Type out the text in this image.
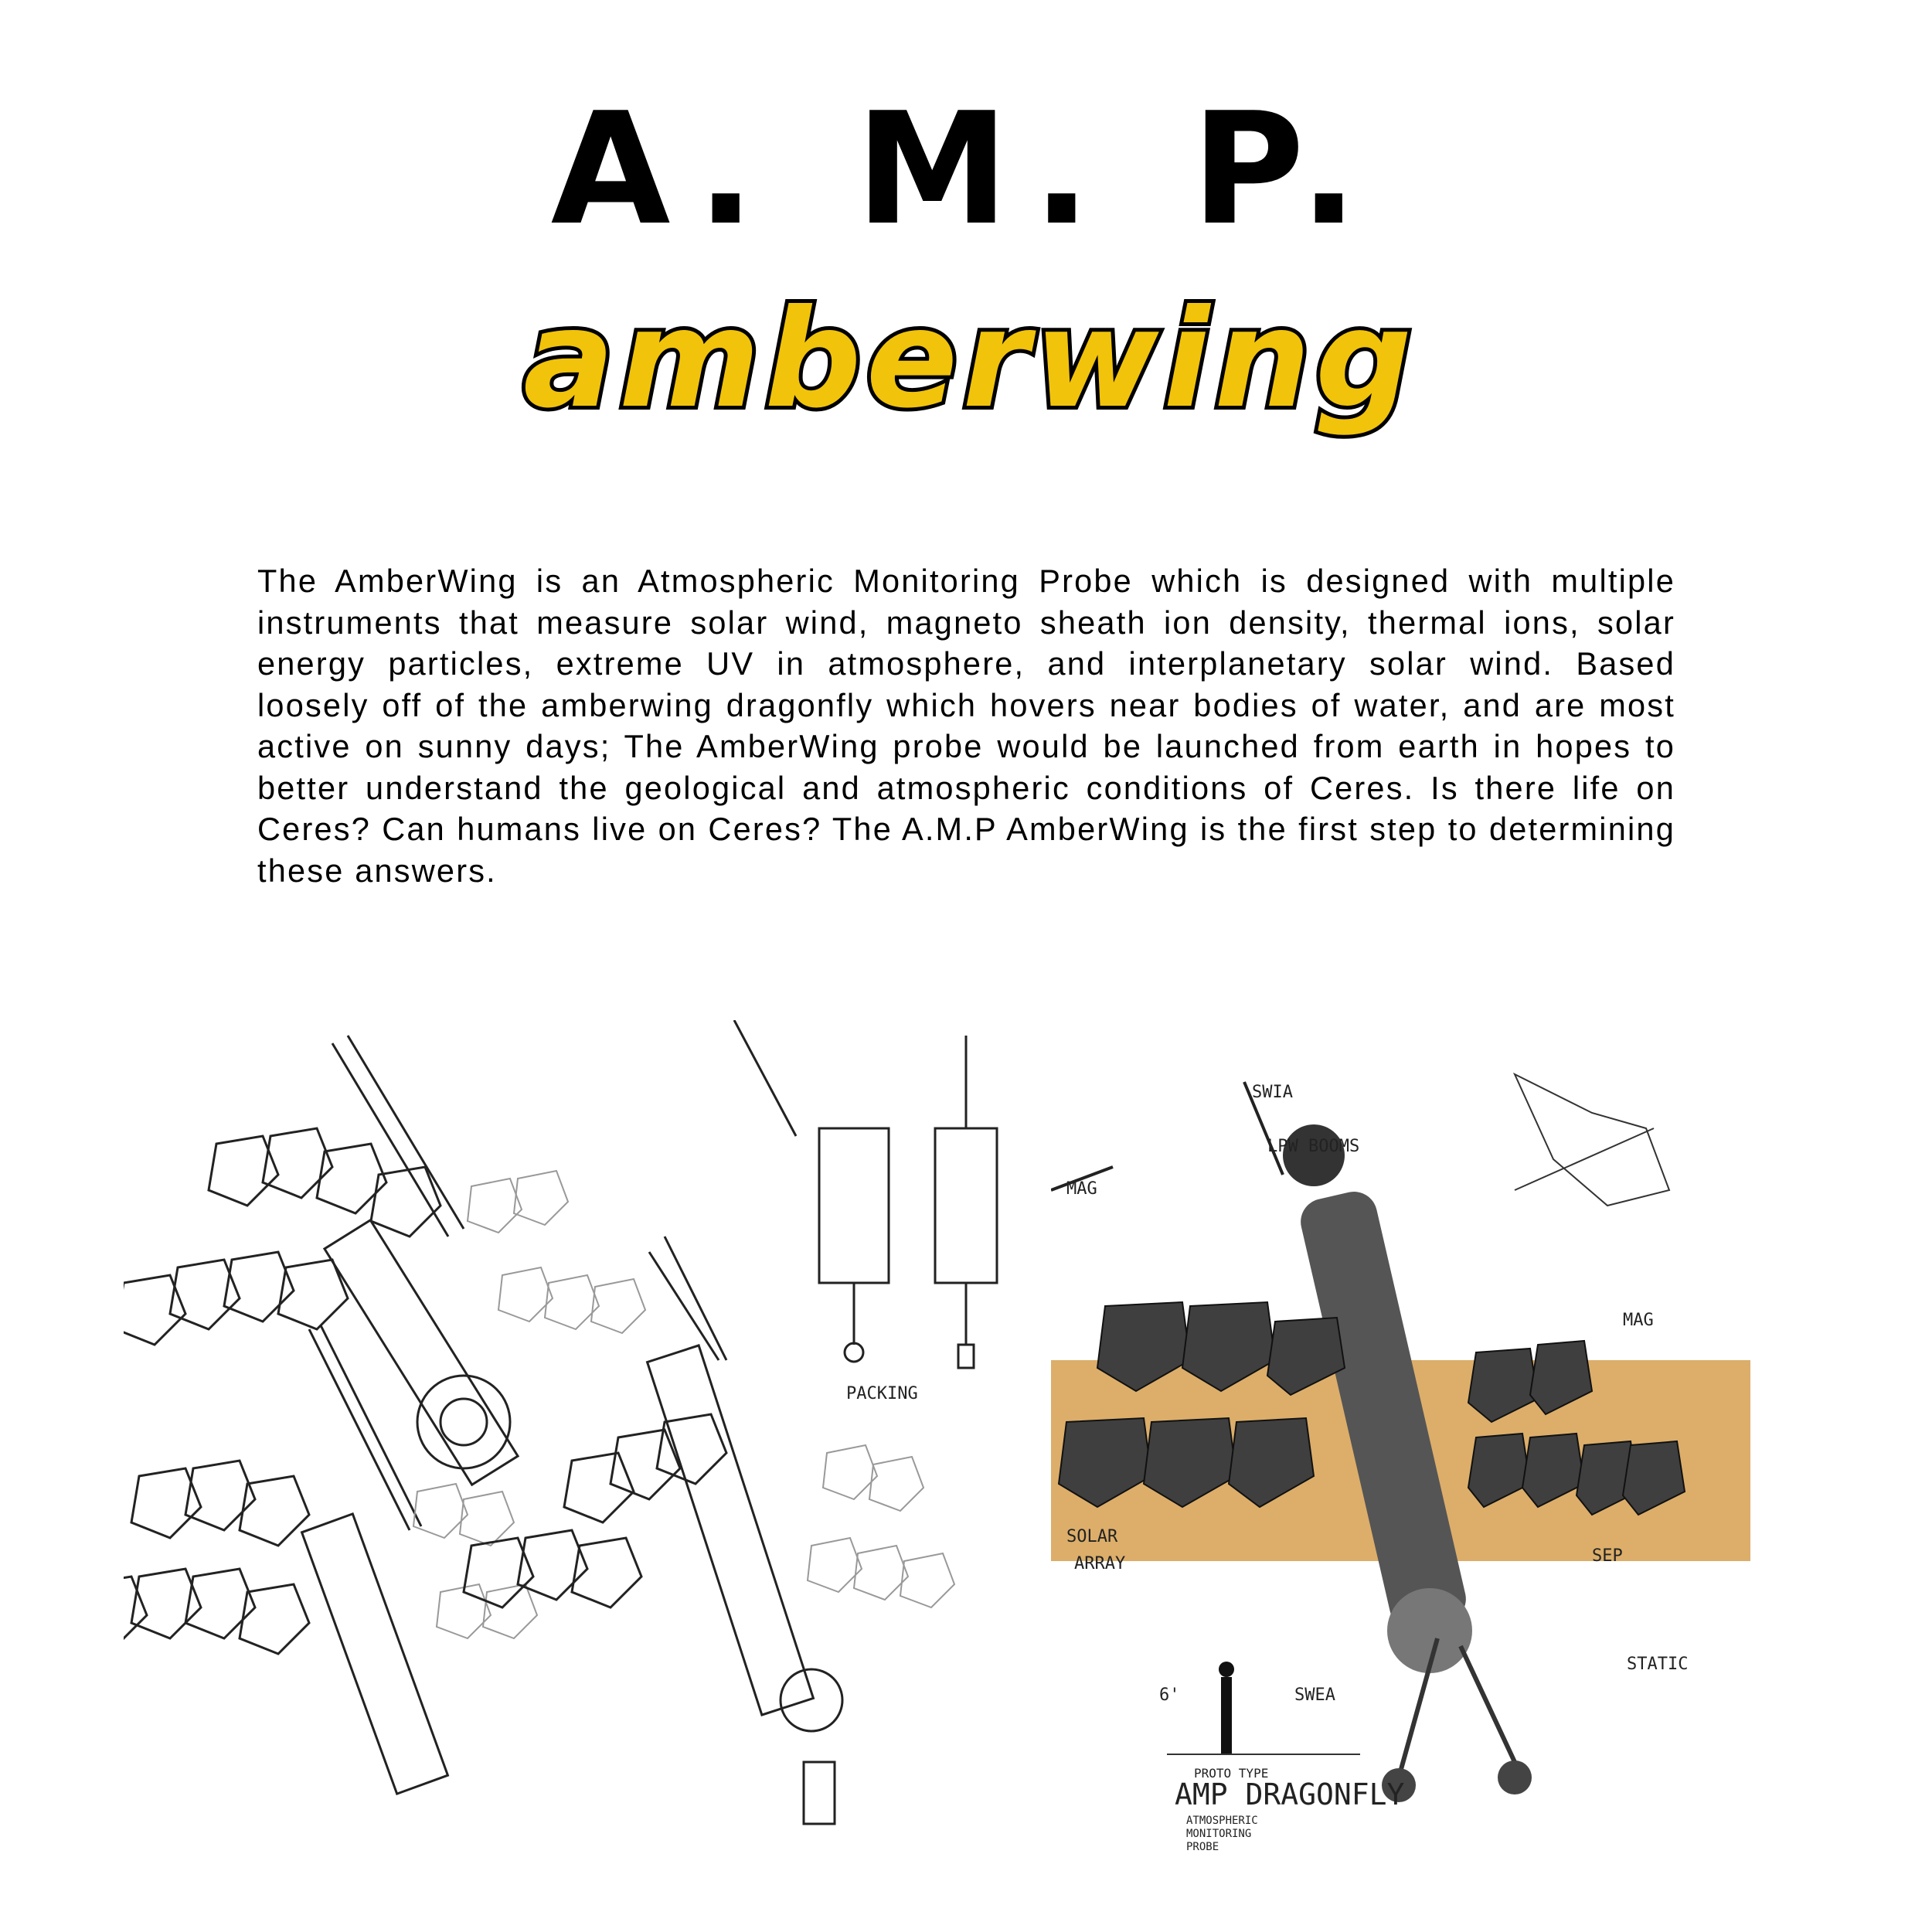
A. M. P.
amberwing

The AmberWing is an Atmospheric Monitoring Probe which is designed with multiple instruments that measure solar wind, magneto sheath ion density, thermal ions, solar energy particles, extreme UV in atmosphere, and interplanetary solar wind. Based loosely off of the amberwing dragonfly which hovers near bodies of water, and are most active on sunny days; The AmberWing probe would be launched from earth in hopes to better understand the geological and atmospheric conditions of Ceres. Is there life on Ceres? Can humans live on Ceres? The A.M.P AmberWing is the first step to determining these answers.

PACKING
SWIA
LPW BOOMS
MAG
MAG
SOLAR
ARRAY	SEP
SWEA
STATIC
6'
PROTO TYPE
AMP DRAGONFLY
ATMOSPHERIC
MONITORING
PROBE
